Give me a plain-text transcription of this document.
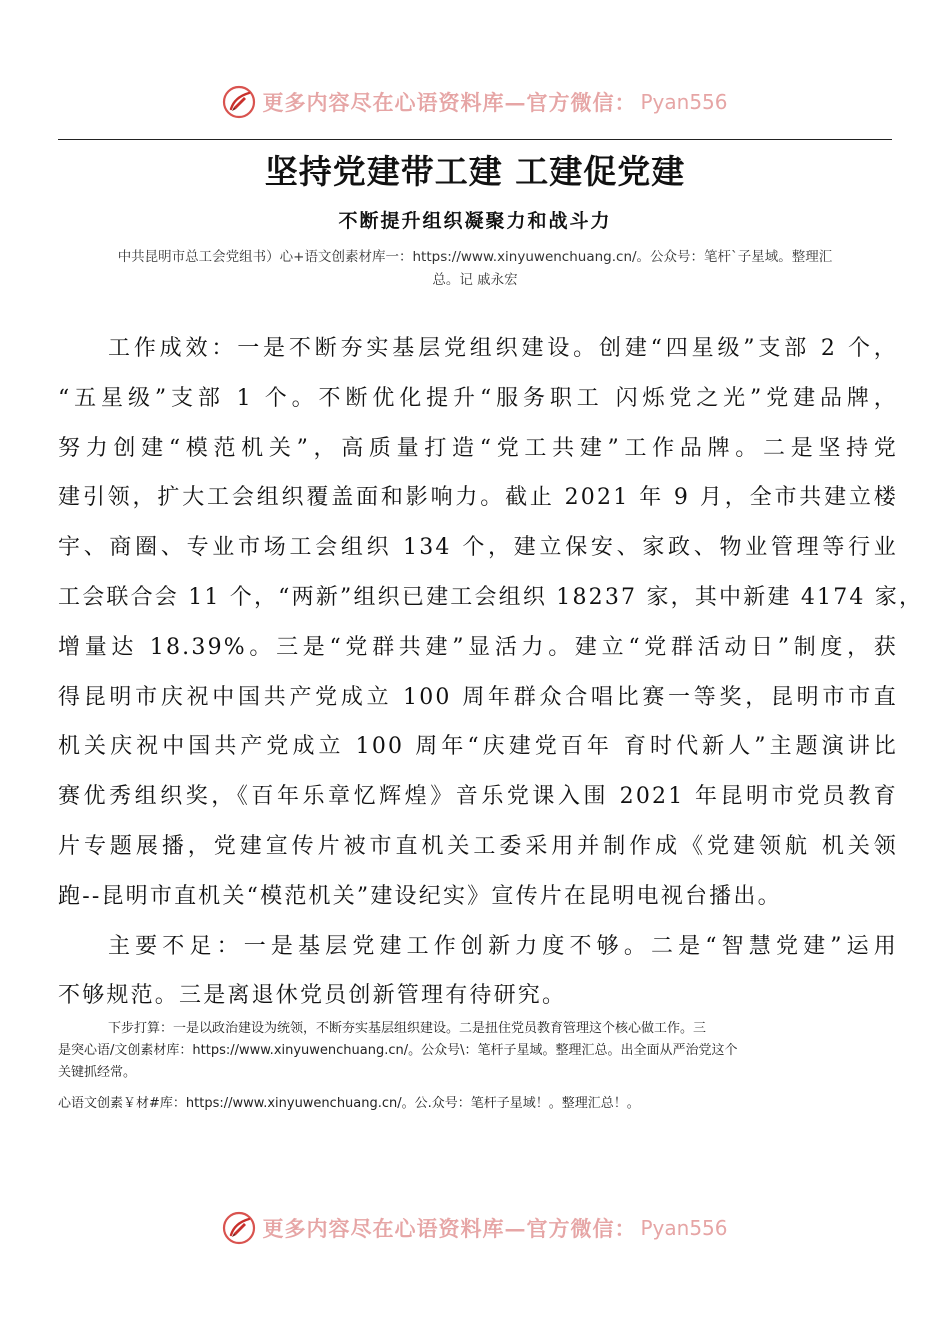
更多内容尽在心语资料库—官方微信： Pyan556
坚持党建带工建 工建促党建
不断提升组织凝聚力和战斗力
中共昆明市总工会党组书）心+语文创素材库一：https://www.xinyuwenchuang.cn/。公众号：笔杆`子星域。整理汇
总。记 戚永宏
工作成效：一是不断夯实基层党组织建设。创建“四星级”支部 2 个，
“五星级”支部 1 个。不断优化提升“服务职工 闪烁党之光”党建品牌，
努力创建“模范机关”，高质量打造“党工共建”工作品牌。二是坚持党
建引领，扩大工会组织覆盖面和影响力。截止 2021 年 9 月，全市共建立楼
宇、商圈、专业市场工会组织 134 个，建立保安、家政、物业管理等行业
工会联合会 11 个，“两新”组织已建工会组织 18237 家，其中新建 4174 家，
增量达 18.39%。三是“党群共建”显活力。建立“党群活动日”制度，获
得昆明市庆祝中国共产党成立 100 周年群众合唱比赛一等奖，昆明市市直
机关庆祝中国共产党成立 100 周年“庆建党百年 育时代新人”主题演讲比
赛优秀组织奖，《百年乐章忆辉煌》音乐党课入围 2021 年昆明市党员教育
片专题展播，党建宣传片被市直机关工委采用并制作成《党建领航 机关领
跑--昆明市直机关“模范机关”建设纪实》宣传片在昆明电视台播出。
主要不足：一是基层党建工作创新力度不够。二是“智慧党建”运用
不够规范。三是离退休党员创新管理有待研究。
下步打算：一是以政治建设为统领，不断夯实基层组织建设。二是扭住党员教育管理这个核心做工作。三
是突心语/文创素材库：https://www.xinyuwenchuang.cn/。公众号\：笔杆子星域。整理汇总。出全面从严治党这个
关键抓经常。
心语文创素￥材#库：https://www.xinyuwenchuang.cn/。公.众号：笔杆子星域！。整理汇总！。
更多内容尽在心语资料库—官方微信： Pyan556
